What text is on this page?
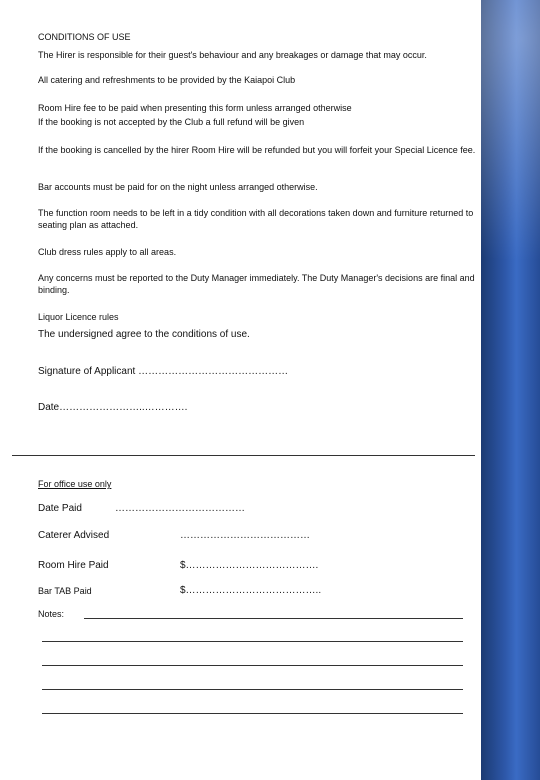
CONDITIONS OF USE
The Hirer is responsible for their guest's behaviour and any breakages or damage that may occur.
All catering and refreshments to be provided by the Kaiapoi Club
Room Hire fee to be paid when presenting this form unless arranged otherwise
If the booking is not accepted by the Club a full refund will be given
If the booking is cancelled by the hirer Room Hire will be refunded but you will forfeit your Special Licence fee.
Bar accounts must be paid for on the night unless arranged otherwise.
The function room needs to be left in a tidy condition with all decorations taken down and furniture returned to seating plan as attached.
Club dress rules apply to all areas.
Any concerns must be reported to the Duty Manager immediately. The Duty Manager's decisions are final and binding.
Liquor Licence rules
The undersigned agree to the conditions of use.
Signature of Applicant ………………………………………
Date……………………..………….
For office use only
Date Paid	…………………………………
Caterer Advised	…………………………………
Room Hire Paid	$………………………………….
Bar TAB Paid	$…………………………………..
Notes:
